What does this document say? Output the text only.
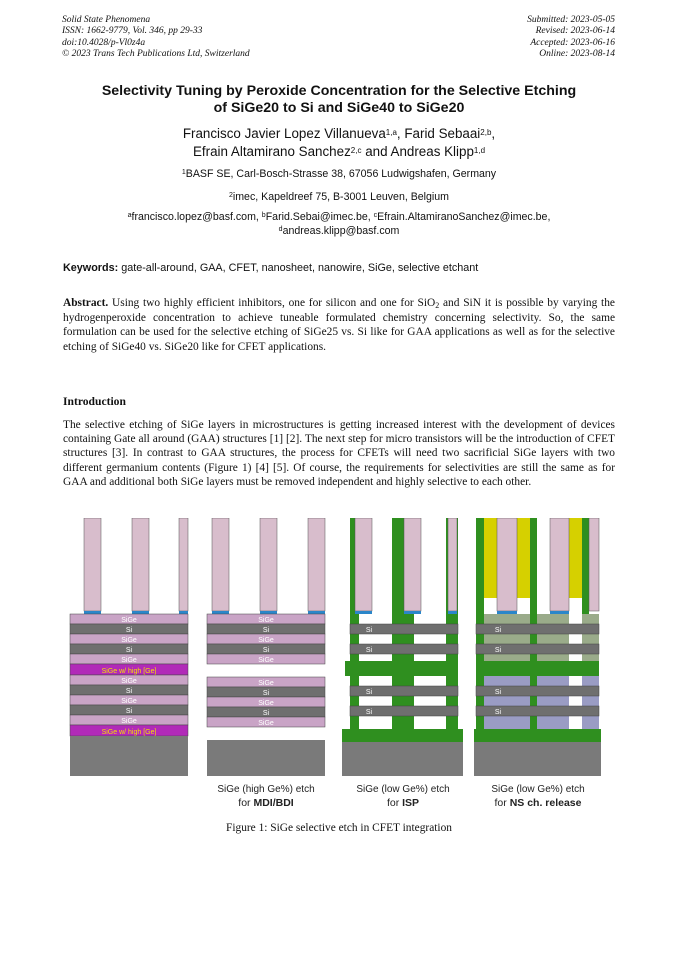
Solid State Phenomena
ISSN: 1662-9779, Vol. 346, pp 29-33
doi:10.4028/p-Vl0z4a
© 2023 Trans Tech Publications Ltd, Switzerland
Submitted: 2023-05-05
Revised: 2023-06-14
Accepted: 2023-06-16
Online: 2023-08-14
Selectivity Tuning by Peroxide Concentration for the Selective Etching
of SiGe20 to Si and SiGe40 to SiGe20
Francisco Javier Lopez Villanueva$^{1,a}$, Farid Sebaai$^{2,b}$,
Efrain Altamirano Sanchez$^{2,c}$ and Andreas Klipp$^{1,d}$
$^1$BASF SE, Carl-Bosch-Strasse 38, 67056 Ludwigshafen, Germany
$^2$imec, Kapeldreef 75, B-3001 Leuven, Belgium
$^a$francisco.lopez@basf.com, $^b$Farid.Sebai@imec.be, $^c$Efrain.AltamiranoSanchez@imec.be,
$^d$andreas.klipp@basf.com
Keywords: gate-all-around, GAA, CFET, nanosheet, nanowire, SiGe, selective etchant
Abstract. Using two highly efficient inhibitors, one for silicon and one for SiO$_2$ and SiN it is possible by varying the hydrogenperoxide concentration to achieve tuneable formulated chemistry concerning selectivity. So, the same formulation can be used for the selective etching of SiGe25 vs. Si like for GAA applications as well as for the selective etching of SiGe40 vs. SiGe20 like for CFET applications.
Introduction
The selective etching of SiGe layers in microstructures is getting increased interest with the development of devices containing Gate all around (GAA) structures [1] [2]. The next step for micro transistors will be the introduction of CFET structures [3]. In contrast to GAA structures, the process for CFETs will need two sacrificial SiGe layers with two different germanium contents (Figure 1) [4] [5]. Of course, the requirements for selectivities are still the same as for GAA and additional both SiGe layers must be removed independent and highly selective to each other.
SiGe
Si
SiGe
Si
SiGe
SiGe w/ high [Ge]
SiGe
Si
SiGe
Si
SiGe
SiGe w/ high [Ge]
SiGe
Si
SiGe
Si
SiGe
SiGe
Si
SiGe
Si
SiGe
SiGe (high Ge%) etch
for MDI/BDI
Si
Si
Si
Si
SiGe (low Ge%) etch
for ISP
Si
Si
Si
Si
SiGe (low Ge%) etch
for NS ch. release
Figure 1: SiGe selective etch in CFET integration
